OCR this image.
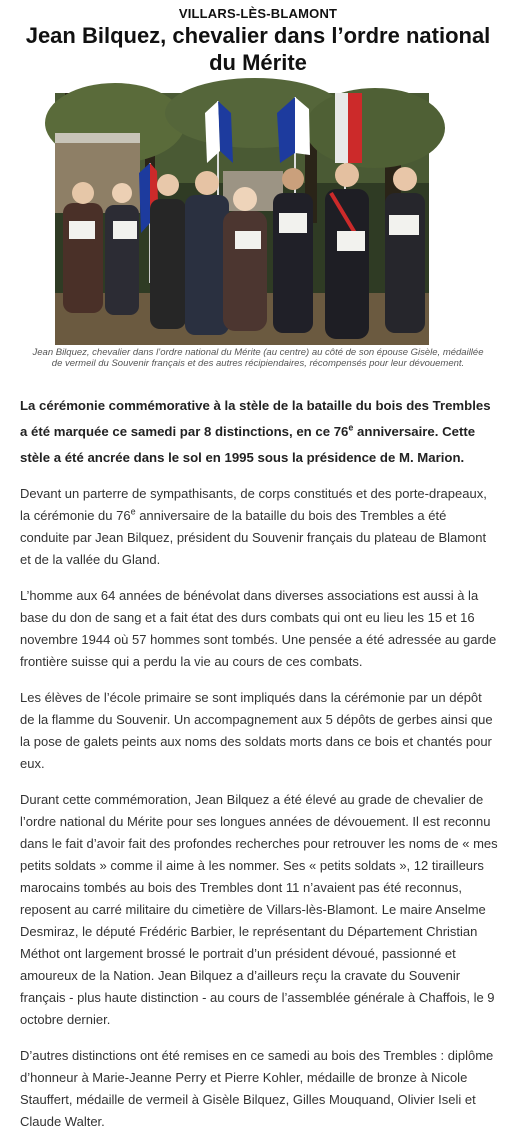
VILLARS-LÈS-BLAMONT
Jean Bilquez, chevalier dans l’ordre national du Mérite
Jean Bilquez, chevalier dans l’ordre national du Mérite (au centre) au côté de son épouse Gisèle, médaillée de vermeil du Souvenir français et des autres récipiendaires, récompensés pour leur dévouement.

La cérémonie commémorative à la stèle de la bataille du bois des Trembles a été marquée ce samedi par 8 distinctions, en ce 76e anniversaire. Cette stèle a été ancrée dans le sol en 1995 sous la présidence de M. Marion.

Devant un parterre de sympathisants, de corps constitués et des porte-drapeaux, la cérémonie du 76e anniversaire de la bataille du bois des Trembles a été conduite par Jean Bilquez, président du Souvenir français du plateau de Blamont et de la vallée du Gland.

L’homme aux 64 années de bénévolat dans diverses associations est aussi à la base du don de sang et a fait état des durs combats qui ont eu lieu les 15 et 16 novembre 1944 où 57 hommes sont tombés. Une pensée a été adressée au garde frontière suisse qui a perdu la vie au cours de ces combats.

Les élèves de l’école primaire se sont impliqués dans la cérémonie par un dépôt de la flamme du Souvenir. Un accompagnement aux 5 dépôts de gerbes ainsi que la pose de galets peints aux noms des soldats morts dans ce bois et chantés pour eux.

Durant cette commémoration, Jean Bilquez a été élevé au grade de chevalier de l’ordre national du Mérite pour ses longues années de dévouement. Il est reconnu dans le fait d’avoir fait des profondes recherches pour retrouver les noms de « mes petits soldats » comme il aime à les nommer. Ses « petits soldats », 12 tirailleurs marocains tombés au bois des Trembles dont 11 n’avaient pas été reconnus, reposent au carré militaire du cimetière de Villars-lès-Blamont. Le maire Anselme Desmiraz, le député Frédéric Barbier, le représentant du Département Christian Méthot ont largement brossé le portrait d’un président dévoué, passionné et amoureux de la Nation. Jean Bilquez a d’ailleurs reçu la cravate du Souvenir français - plus haute distinction - au cours de l’assemblée générale à Chaffois, le 9 octobre dernier.

D’autres distinctions ont été remises en ce samedi au bois des Trembles : diplôme d’honneur à Marie-Jeanne Perry et Pierre Kohler, médaille de bronze à Nicole Stauffert, médaille de vermeil à Gisèle Bilquez, Gilles Mouquand, Olivier Iseli et Claude Walter.
